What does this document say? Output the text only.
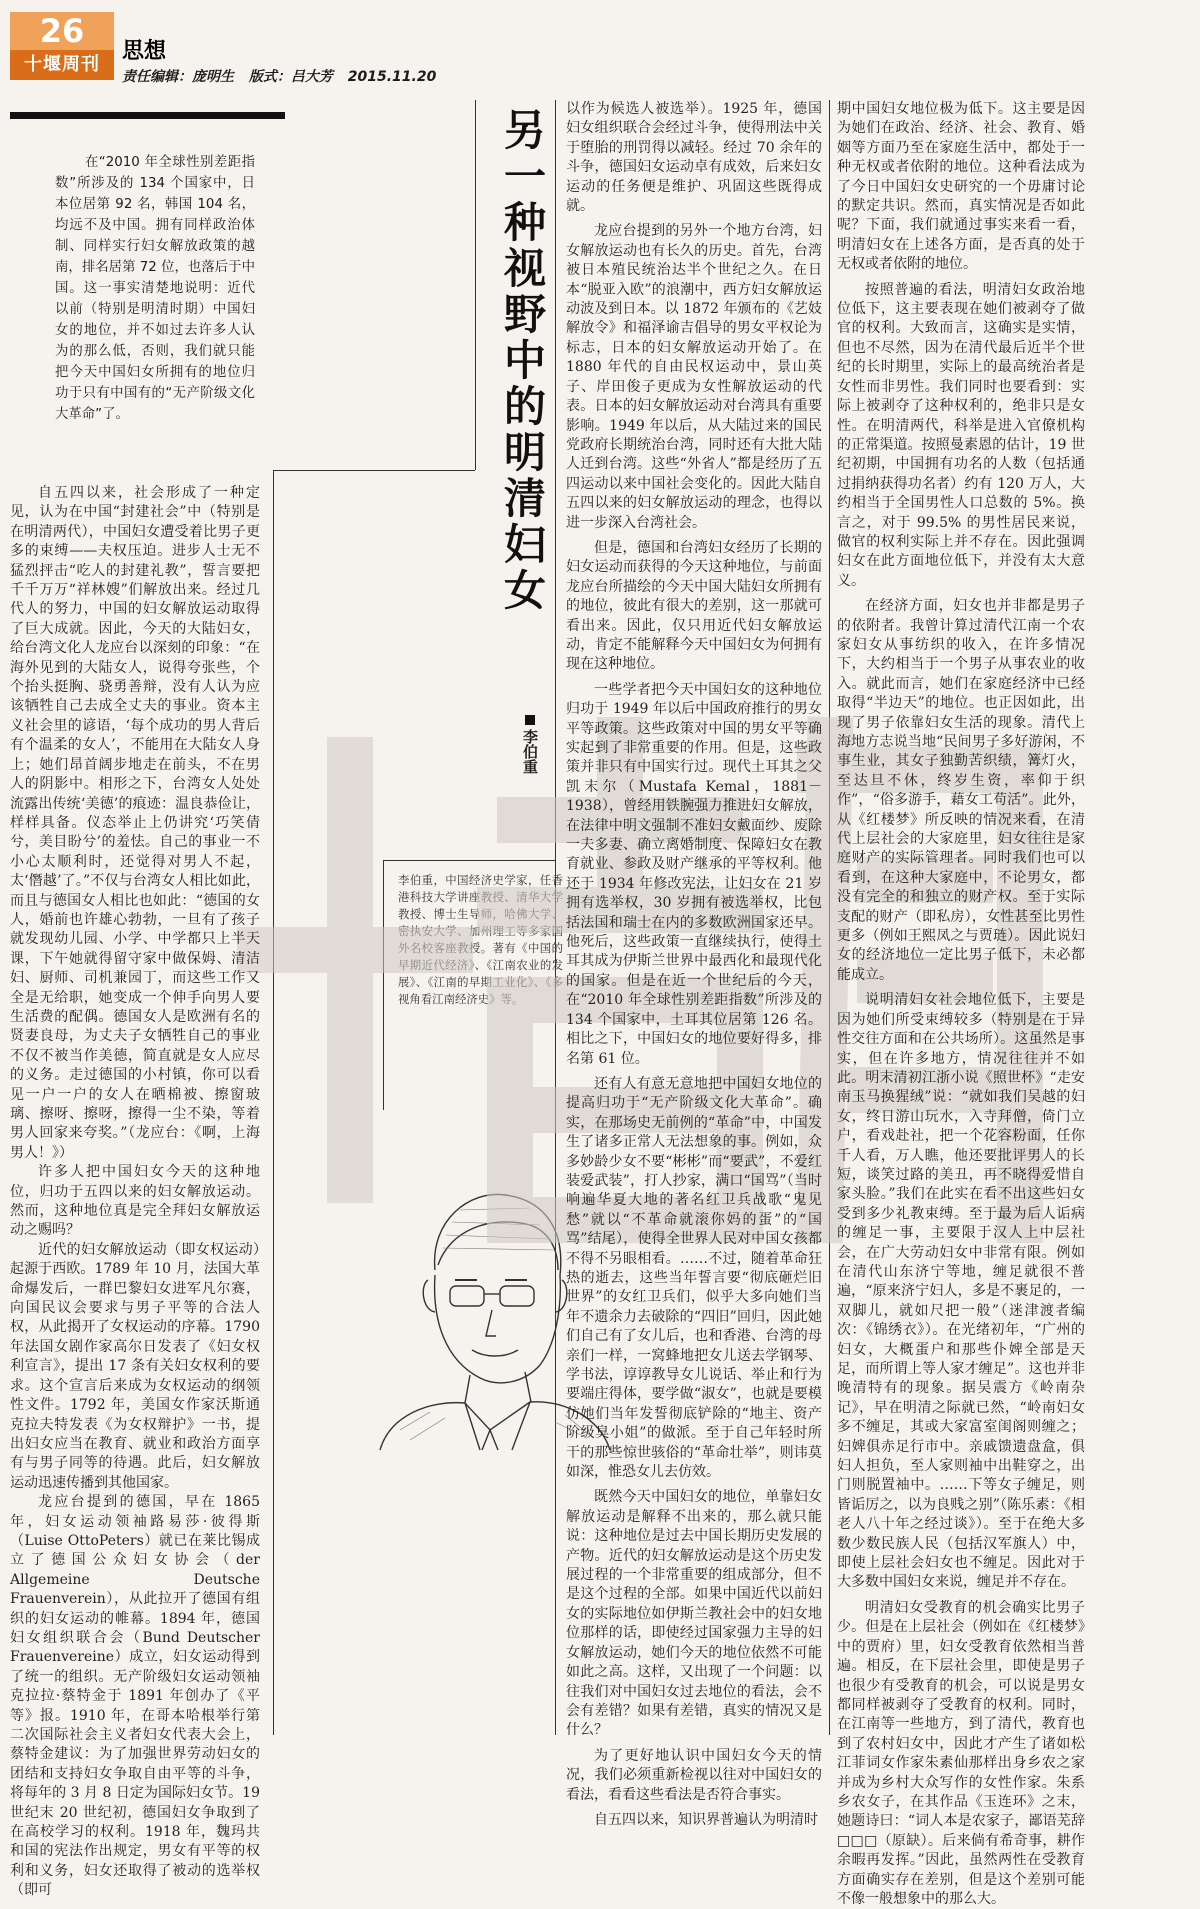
26
十堰周刊
思想
责任编辑：庞明生 版式：吕大芳 2015.11.20
在“2010 年全球性别差距指数”所涉及的 134 个国家中，日本位居第 92 名，韩国 104 名，均远不及中国。拥有同样政治体制、同样实行妇女解放政策的越南，排名居第 72 位，也落后于中国。这一事实清楚地说明：近代以前（特别是明清时期）中国妇女的地位，并不如过去许多人认为的那么低，否则，我们就只能把今天中国妇女所拥有的地位归功于只有中国有的“无产阶级文化大革命”了。	另一种视野中的明清妇女
李伯重
李伯重，中国经济史学家，任香港科技大学讲座教授、清华大学教授、博士生导师，哈佛大学、密执安大学、加州理工等多家国外名校客座教授。著有《中国的早期近代经济》、《江南农业的发展》、《江南的早期工业化》、《多视角看江南经济史》等。

自五四以来，社会形成了一种定见，认为在中国“封建社会”中（特别是在明清两代），中国妇女遭受着比男子更多的束缚——夫权压迫。进步人士无不猛烈抨击“吃人的封建礼教”，誓言要把千千万万“祥林嫂”们解放出来。经过几代人的努力，中国的妇女解放运动取得了巨大成就。因此，今天的大陆妇女，给台湾文化人龙应台以深刻的印象：“在海外见到的大陆女人，说得夸张些，个个抬头挺胸、骁勇善辩，没有人认为应该牺牲自己去成全丈夫的事业。资本主义社会里的谚语，‘每个成功的男人背后有个温柔的女人’，不能用在大陆女人身上；她们昂首阔步地走在前头，不在男人的阴影中。相形之下，台湾女人处处流露出传统‘美德’的痕迹：温良恭俭让，样样具备。仪态举止上仍讲究‘巧笑倩兮，美目盼兮’的羞怯。自己的事业一不小心太顺利时，还觉得对男人不起，太‘僭越’了。”不仅与台湾女人相比如此，而且与德国女人相比也如此：“德国的女人，婚前也许雄心勃勃，一旦有了孩子就发现幼儿园、小学、中学都只上半天课，下午她就得留守家中做保姆、清洁妇、厨师、司机兼园丁，而这些工作又全是无给职，她变成一个伸手向男人要生活费的配偶。德国女人是欧洲有名的贤妻良母，为丈夫子女牺牲自己的事业不仅不被当作美德，简直就是女人应尽的义务。走过德国的小村镇，你可以看见一户一户的女人在晒棉被、擦窗玻璃、擦呀、擦呀，擦得一尘不染，等着男人回家来夸奖。”（龙应台：《啊，上海男人！》）

许多人把中国妇女今天的这种地位，归功于五四以来的妇女解放运动。然而，这种地位真是完全拜妇女解放运动之赐吗？

近代的妇女解放运动（即女权运动）起源于西欧。1789 年 10 月，法国大革命爆发后，一群巴黎妇女进军凡尔赛，向国民议会要求与男子平等的合法人权，从此揭开了女权运动的序幕。1790 年法国女剧作家高尔日发表了《妇女权利宣言》，提出 17 条有关妇女权利的要求。这个宣言后来成为女权运动的纲领性文件。1792 年，美国女作家沃斯通克拉夫特发表《为女权辩护》一书，提出妇女应当在教育、就业和政治方面享有与男子同等的待遇。此后，妇女解放运动迅速传播到其他国家。

龙应台提到的德国，早在 1865 年，妇女运动领袖路易莎·彼得斯（Luise OttoPeters）就已在莱比锡成立了德国公众妇女协会（der Allgemeine Deutsche Frauenverein），从此拉开了德国有组织的妇女运动的帷幕。1894 年，德国妇女组织联合会（Bund Deutscher Frauenvereine）成立，妇女运动得到了统一的组织。无产阶级妇女运动领袖克拉拉·蔡特金于 1891 年创办了《平等》报。1910 年，在哥本哈根举行第二次国际社会主义者妇女代表大会上，蔡特金建议：为了加强世界劳动妇女的团结和支持妇女争取自由平等的斗争，将每年的 3 月 8 日定为国际妇女节。19 世纪末 20 世纪初，德国妇女争取到了在高校学习的权利。1918 年，魏玛共和国的宪法作出规定，男女有平等的权利和义务，妇女还取得了被动的选举权（即可

以作为候选人被选举）。1925 年，德国妇女组织联合会经过斗争，使得刑法中关于堕胎的刑罚得以减轻。经过 70 余年的斗争，德国妇女运动卓有成效，后来妇女运动的任务便是维护、巩固这些既得成就。

龙应台提到的另外一个地方台湾，妇女解放运动也有长久的历史。首先，台湾被日本殖民统治达半个世纪之久。在日本“脱亚入欧”的浪潮中，西方妇女解放运动波及到日本。以 1872 年颁布的《艺妓解放令》和福泽谕吉倡导的男女平权论为标志，日本的妇女解放运动开始了。在 1880 年代的自由民权运动中，景山英子、岸田俊子更成为女性解放运动的代表。日本的妇女解放运动对台湾具有重要影响。1949 年以后，从大陆过来的国民党政府长期统治台湾，同时还有大批大陆人迁到台湾。这些“外省人”都是经历了五四运动以来中国社会变化的。因此大陆自五四以来的妇女解放运动的理念，也得以进一步深入台湾社会。

但是，德国和台湾妇女经历了长期的妇女运动而获得的今天这种地位，与前面龙应台所描绘的今天中国大陆妇女所拥有的地位，彼此有很大的差别，这一那就可看出来。因此，仅只用近代妇女解放运动，肯定不能解释今天中国妇女为何拥有现在这种地位。

一些学者把今天中国妇女的这种地位归功于 1949 年以后中国政府推行的男女平等政策。这些政策对中国的男女平等确实起到了非常重要的作用。但是，这些政策并非只有中国实行过。现代土耳其之父凯末尔（Mustafa Kemal，1881－1938），曾经用铁腕强力推进妇女解放，在法律中明文强制不准妇女戴面纱、废除一夫多妻、确立离婚制度、保障妇女在教育就业、参政及财产继承的平等权利。他还于 1934 年修改宪法，让妇女在 21 岁拥有选举权，30 岁拥有被选举权，比包括法国和瑞士在内的多数欧洲国家还早。他死后，这些政策一直继续执行，使得土耳其成为伊斯兰世界中最西化和最现代化的国家。但是在近一个世纪后的今天，在“2010 年全球性别差距指数”所涉及的 134 个国家中，土耳其位居第 126 名。相比之下，中国妇女的地位要好得多，排名第 61 位。

还有人有意无意地把中国妇女地位的提高归功于“无产阶级文化大革命”。确实，在那场史无前例的“革命”中，中国发生了诸多正常人无法想象的事。例如，众多妙龄少女不要“彬彬”而“要武”，不爱红装爱武装”，打人抄家，满口“国骂”（当时响遍华夏大地的著名红卫兵战歌“鬼见愁”就以“不革命就滚你妈的蛋”的“国骂”结尾），使得全世界人民对中国女孩都不得不另眼相看。……不过，随着革命狂热的逝去，这些当年誓言要“彻底砸烂旧世界”的女红卫兵们，似乎大多向她们当年不遗余力去破除的“四旧”回归，因此她们自己有了女儿后，也和香港、台湾的母亲们一样，一窝蜂地把女儿送去学钢琴、学书法，谆谆教导女儿说话、举止和行为要端庄得体，要学做“淑女”，也就是要模仿她们当年发誓彻底铲除的“地主、资产阶级臭小姐”的做派。至于自己年轻时所干的那些惊世骇俗的“革命壮举”，则讳莫如深，惟恐女儿去仿效。

既然今天中国妇女的地位，单靠妇女解放运动是解释不出来的，那么就只能说：这种地位是过去中国长期历史发展的产物。近代的妇女解放运动是这个历史发展过程的一个非常重要的组成部分，但不是这个过程的全部。如果中国近代以前妇女的实际地位如伊斯兰教社会中的妇女地位那样的话，即使经过国家强力主导的妇女解放运动，她们今天的地位依然不可能如此之高。这样，又出现了一个问题：以往我们对中国妇女过去地位的看法，会不会有差错？如果有差错，真实的情况又是什么？

为了更好地认识中国妇女今天的情况，我们必须重新检视以往对中国妇女的看法，看看这些看法是否符合事实。

自五四以来，知识界普遍认为明清时

期中国妇女地位极为低下。这主要是因为她们在政治、经济、社会、教育、婚姻等方面乃至在家庭生活中，都处于一种无权或者依附的地位。这种看法成为了今日中国妇女史研究的一个毋庸讨论的默定共识。然而，真实情况是否如此呢？下面，我们就通过事实来看一看，明清妇女在上述各方面，是否真的处于无权或者依附的地位。

按照普遍的看法，明清妇女政治地位低下，这主要表现在她们被剥夺了做官的权利。大致而言，这确实是实情，但也不尽然，因为在清代最后近半个世纪的长时期里，实际上的最高统治者是女性而非男性。我们同时也要看到：实际上被剥夺了这种权利的，绝非只是女性。在明清两代，科举是进入官僚机构的正常渠道。按照曼素恩的估计，19 世纪初期，中国拥有功名的人数（包括通过捐纳获得功名者）约有 120 万人，大约相当于全国男性人口总数的 5%。换言之，对于 99.5% 的男性居民来说，做官的权利实际上并不存在。因此强调妇女在此方面地位低下，并没有太大意义。

在经济方面，妇女也并非都是男子的依附者。我曾计算过清代江南一个农家妇女从事纺织的收入，在许多情况下，大约相当于一个男子从事农业的收入。就此而言，她们在家庭经济中已经取得“半边天”的地位。也正因如此，出现了男子依靠妇女生活的现象。清代上海地方志说当地“民间男子多好游闲，不事生业，其女子独勤苦织绩，篝灯火，至达旦不休，终岁生资，率仰于织作”，“俗多游手，藉女工苟活”。此外，从《红楼梦》所反映的情况来看，在清代上层社会的大家庭里，妇女往往是家庭财产的实际管理者。同时我们也可以看到，在这种大家庭中，不论男女，都没有完全的和独立的财产权。至于实际支配的财产（即私房），女性甚至比男性更多（例如王熙凤之与贾琏）。因此说妇女的经济地位一定比男子低下，未必都能成立。

说明清妇女社会地位低下，主要是因为她们所受束缚较多（特别是在于异性交往方面和在公共场所）。这虽然是事实，但在许多地方，情况往往并不如此。明末清初江浙小说《照世杯》“走安南玉马换猩绒”说：“就如我们吴越的妇女，终日游山玩水，入寺拜僧，倚门立户，看戏赴社，把一个花容粉面，任你千人看，万人瞧，他还要批评男人的长短，谈笑过路的美丑，再不晓得爱惜自家头脸。”我们在此实在看不出这些妇女受到多少礼教束缚。至于最为后人诟病的缠足一事，主要限于汉人上中层社会，在广大劳动妇女中非常有限。例如在清代山东济宁等地，缠足就很不普遍，“原来济宁妇人，多是不裹足的，一双脚儿，就如尺把一般”（迷津渡者编次：《锦绣衣》）。在光绪初年，“广州的妇女，大概蛋户和那些仆婢全部是天足，而所谓上等人家才缠足”。这也并非晚清特有的现象。据吴震方《岭南杂记》，早在明清之际就已然，“岭南妇女多不缠足，其或大家富室闺阁则缠之；妇婢俱赤足行市中。亲戚馈遗盘盒，俱妇人担负，至人家则袖中出鞋穿之，出门则脱置袖中。……下等女子缠足，则皆诟厉之，以为良贱之别”（陈乐素：《相老人八十年之经过谈》）。至于在绝大多数少数民族人民（包括汉军旗人）中，即使上层社会妇女也不缠足。因此对于大多数中国妇女来说，缠足并不存在。

明清妇女受教育的机会确实比男子少。但是在上层社会（例如在《红楼梦》中的贾府）里，妇女受教育依然相当普遍。相反，在下层社会里，即使是男子也很少有受教育的机会，可以说是男女都同样被剥夺了受教育的权利。同时，在江南等一些地方，到了清代，教育也到了农村妇女中，因此才产生了诸如松江菲词女作家朱素仙那样出身乡农之家并成为乡村大众写作的女性作家。朱系乡农女子，在其作品《玉连环》之末，她题诗曰：“词人本是农家子，鄙语芜辞□□□（原缺）。后来倘有希奇事，耕作余暇再发挥。”因此，虽然两性在受教育方面确实存在差别，但是这个差别可能不像一般想象中的那么大。
